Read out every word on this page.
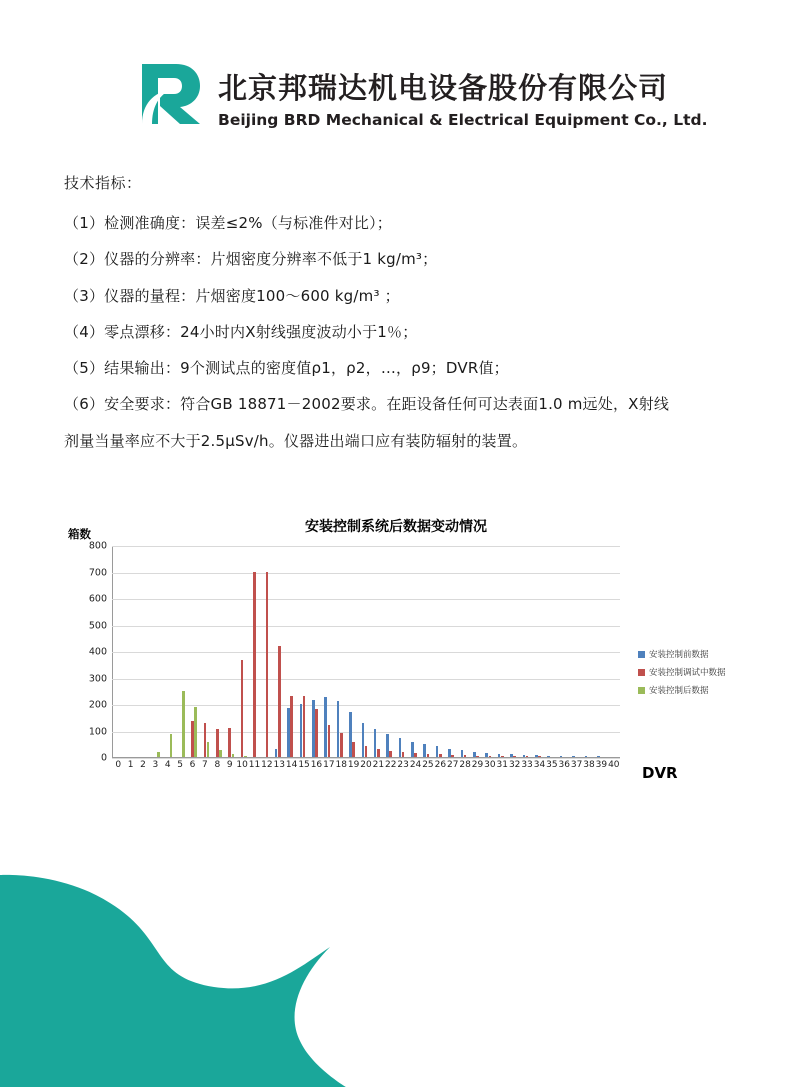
北京邦瑞达机电设备股份有限公司
Beijing BRD Mechanical & Electrical Equipment Co., Ltd.
技术指标：
（1）检测准确度：误差≤2%（与标准件对比）；
（2）仪器的分辨率：片烟密度分辨率不低于1 kg/m³；
（3）仪器的量程：片烟密度100～600 kg/m³ ；
（4）零点漂移：24小时内X射线强度波动小于1％；
（5）结果输出：9个测试点的密度值ρ1，ρ2，…，ρ9；DVR值；
（6）安全要求：符合GB 18871－2002要求。在距设备任何可达表面1.0 m远处，X射线
剂量当量率应不大于2.5μSv/h。仪器进出端口应有装防辐射的装置。
箱数	安装控制系统后数据变动情况
DVR
0
100
200
300
400
500
600
700
800
0 1 2 3 4 5 6 7 8 9 10 11 12 13 14 15 16 17 18 19 20 21 22 23 24 25 26 27 28 29 30 31 32 33 34 35 36 37 38 39 40
安装控制前数据
安装控制调试中数据
安装控制后数据
